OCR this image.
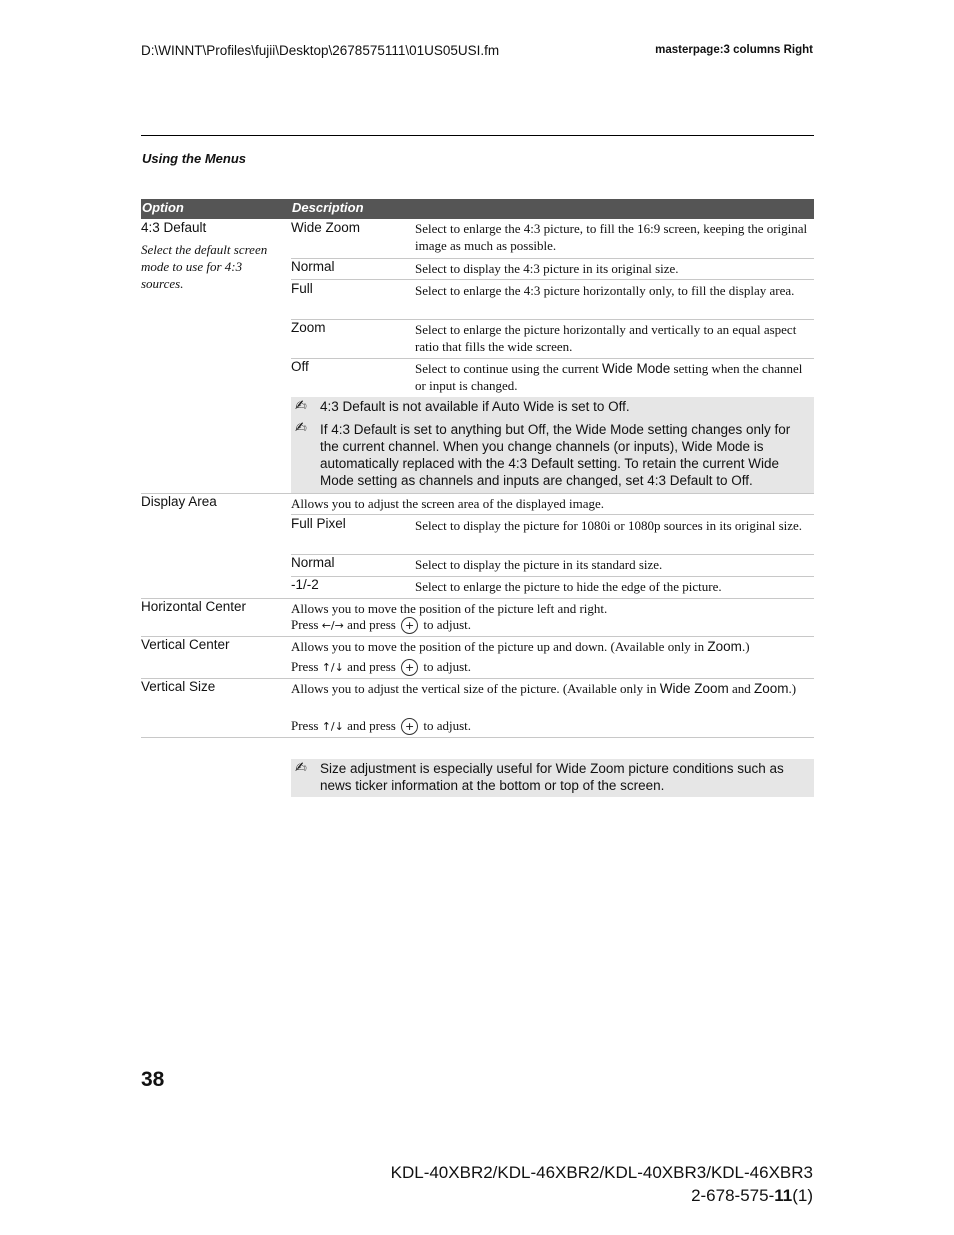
D:\WINNT\Profiles\fujii\Desktop\2678575111\01US05USI.fm	masterpage:3 columns Right
Using the Menus
Option	Description
4:3 Default
Select the default screen mode to use for 4:3 sources.
Wide Zoom	Select to enlarge the 4:3 picture, to fill the 16:9 screen, keeping the original image as much as possible.
Normal	Select to display the 4:3 picture in its original size.
Full	Select to enlarge the 4:3 picture horizontally only, to fill the display area.
Zoom	Select to enlarge the picture horizontally and vertically to an equal aspect ratio that fills the wide screen.
Off	Select to continue using the current Wide Mode setting when the channel or input is changed.
✍ 4:3 Default is not available if Auto Wide is set to Off.
✍ If 4:3 Default is set to anything but Off, the Wide Mode setting changes only for the current channel. When you change channels (or inputs), Wide Mode is automatically replaced with the 4:3 Default setting. To retain the current Wide Mode setting as channels and inputs are changed, set 4:3 Default to Off.
Display Area	Allows you to adjust the screen area of the displayed image.
Full Pixel	Select to display the picture for 1080i or 1080p sources in its original size.
Normal	Select to display the picture in its standard size.
-1/-2	Select to enlarge the picture to hide the edge of the picture.
Horizontal Center	Allows you to move the position of the picture left and right.
Press ←/→ and press + to adjust.
Vertical Center	Allows you to move the position of the picture up and down. (Available only in Zoom.)
Press ↑/↓ and press + to adjust.
Vertical Size	Allows you to adjust the vertical size of the picture. (Available only in Wide Zoom and Zoom.)
Press ↑/↓ and press + to adjust.
✍ Size adjustment is especially useful for Wide Zoom picture conditions such as news ticker information at the bottom or top of the screen.
38
KDL-40XBR2/KDL-46XBR2/KDL-40XBR3/KDL-46XBR3
2-678-575-11(1)
